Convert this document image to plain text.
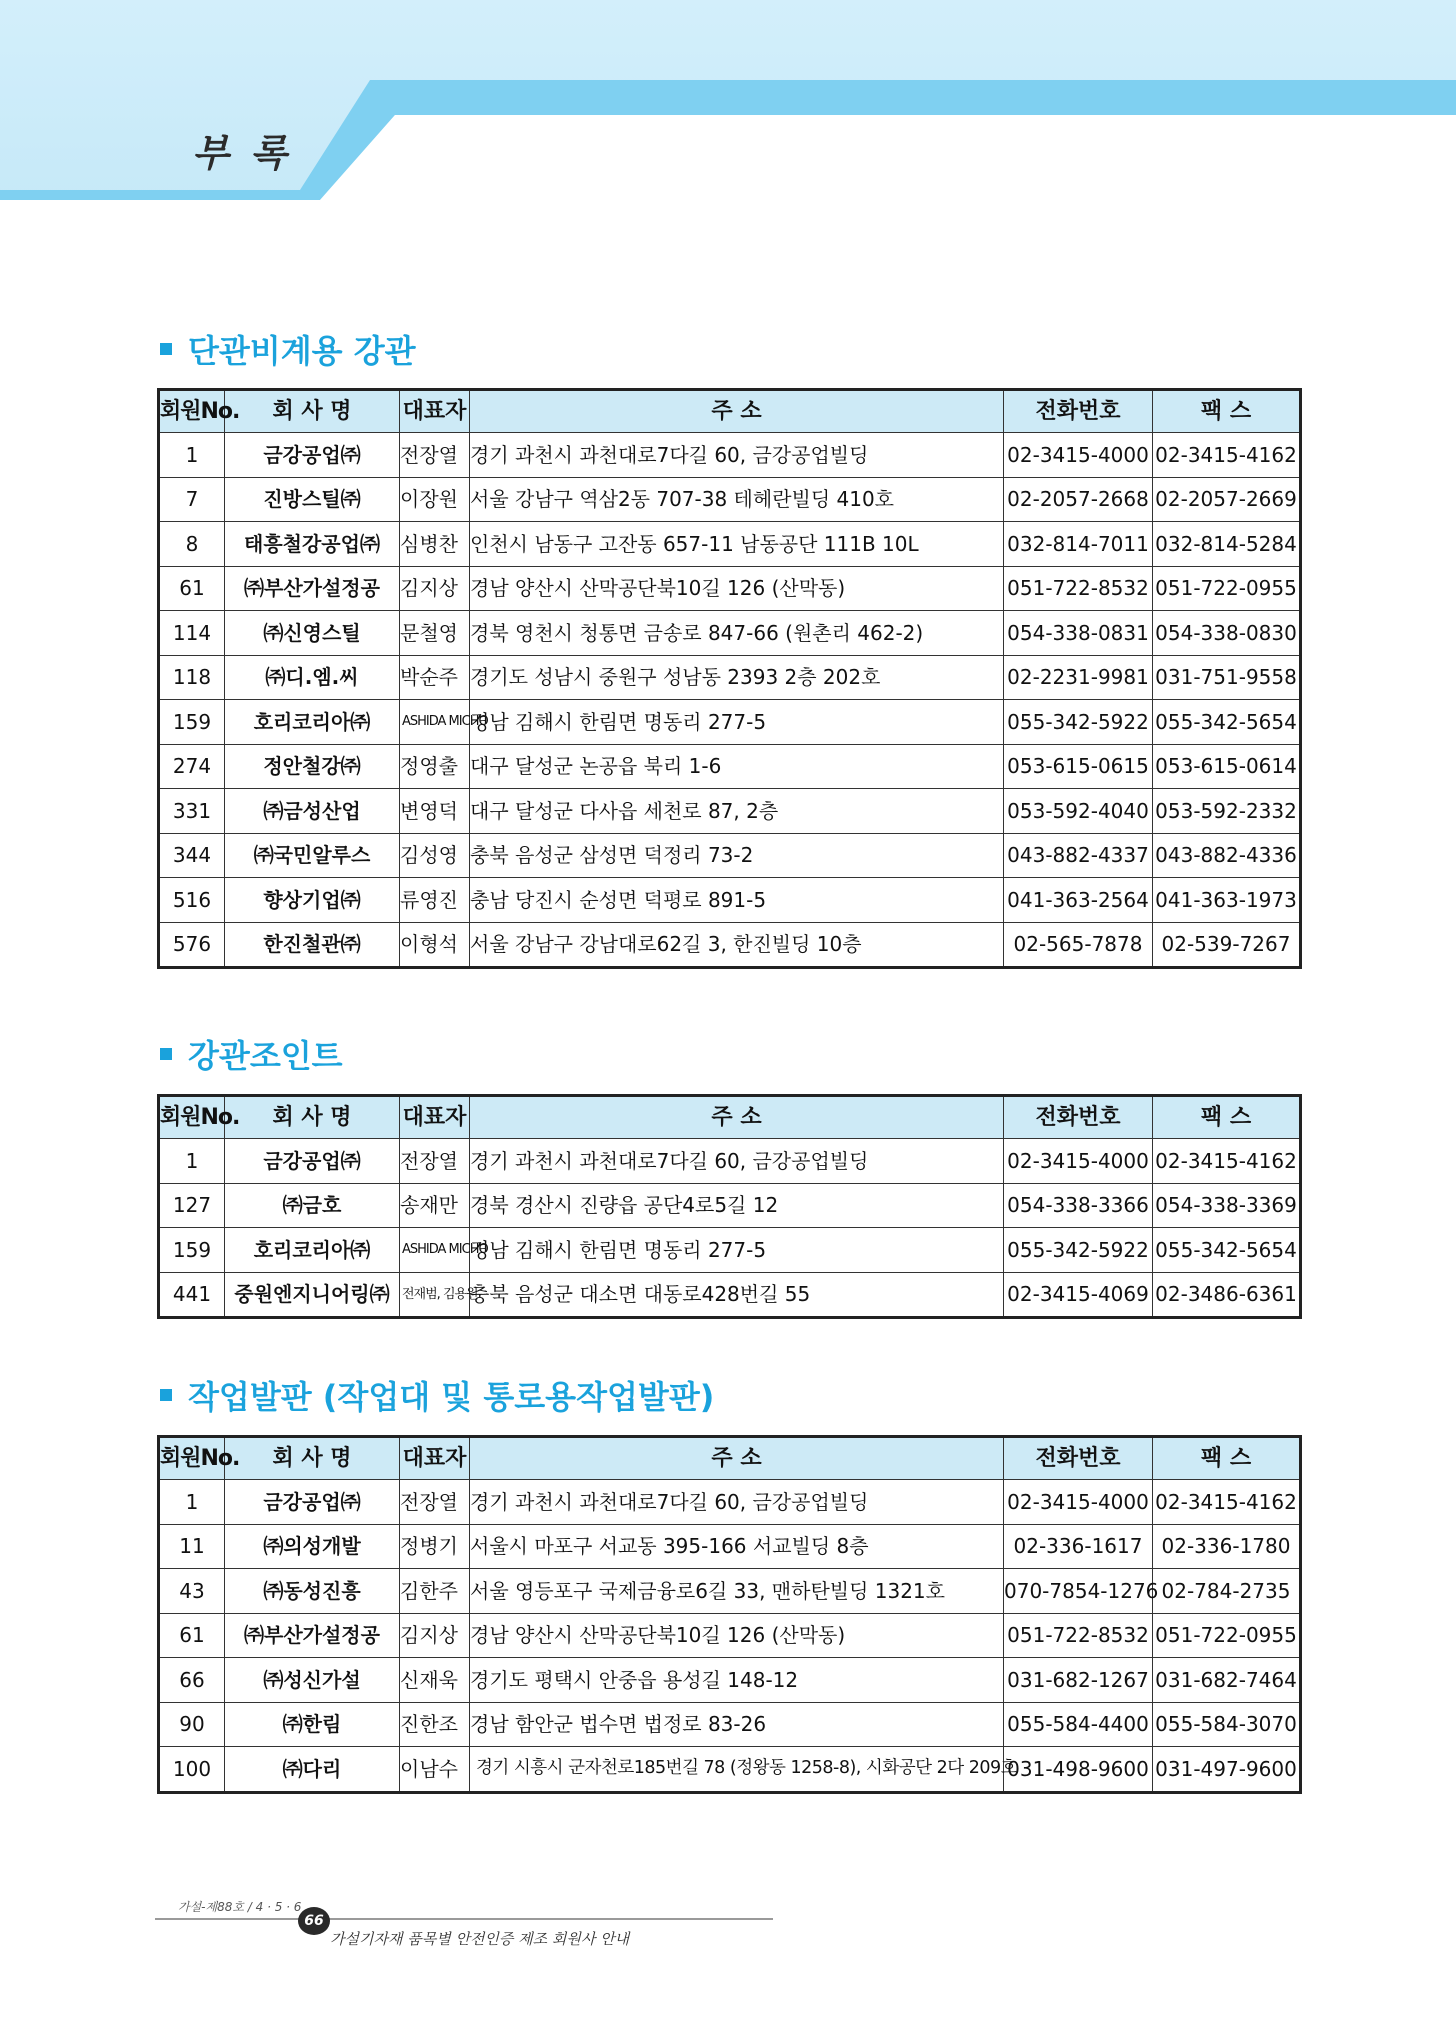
부 록
단관비계용 강관
회원No.	회 사 명	대표자	주 소	전화번호	팩 스
1	금강공업㈜	전장열	경기 과천시 과천대로7다길 60, 금강공업빌딩	02-3415-4000	02-3415-4162
7	진방스틸㈜	이장원	서울 강남구 역삼2동 707-38 테헤란빌딩 410호	02-2057-2668	02-2057-2669
8	태흥철강공업㈜	심병찬	인천시 남동구 고잔동 657-11 남동공단 111B 10L	032-814-7011	032-814-5284
61	㈜부산가설정공	김지상	경남 양산시 산막공단북10길 126 (산막동)	051-722-8532	051-722-0955
114	㈜신영스틸	문철영	경북 영천시 청통면 금송로 847-66 (원촌리 462-2)	054-338-0831	054-338-0830
118	㈜디.엠.씨	박순주	경기도 성남시 중원구 성남동 2393 2층 202호	02-2231-9981	031-751-9558
159	호리코리아㈜	ASHIDA MICHO	경남 김해시 한림면 명동리 277-5	055-342-5922	055-342-5654
274	정안철강㈜	정영출	대구 달성군 논공읍 북리 1-6	053-615-0615	053-615-0614
331	㈜금성산업	변영덕	대구 달성군 다사읍 세천로 87, 2층	053-592-4040	053-592-2332
344	㈜국민알루스	김성영	충북 음성군 삼성면 덕정리 73-2	043-882-4337	043-882-4336
516	향상기업㈜	류영진	충남 당진시 순성면 덕평로 891-5	041-363-2564	041-363-1973
576	한진철관㈜	이형석	서울 강남구 강남대로62길 3, 한진빌딩 10층	02-565-7878	02-539-7267
강관조인트
회원No.	회 사 명	대표자	주 소	전화번호	팩 스
1	금강공업㈜	전장열	경기 과천시 과천대로7다길 60, 금강공업빌딩	02-3415-4000	02-3415-4162
127	㈜금호	송재만	경북 경산시 진량읍 공단4로5길 12	054-338-3366	054-338-3369
159	호리코리아㈜	ASHIDA MICHO	경남 김해시 한림면 명동리 277-5	055-342-5922	055-342-5654
441	중원엔지니어링㈜	전재범, 김용원	충북 음성군 대소면 대동로428번길 55	02-3415-4069	02-3486-6361
작업발판 (작업대 및 통로용작업발판)
회원No.	회 사 명	대표자	주 소	전화번호	팩 스
1	금강공업㈜	전장열	경기 과천시 과천대로7다길 60, 금강공업빌딩	02-3415-4000	02-3415-4162
11	㈜의성개발	정병기	서울시 마포구 서교동 395-166 서교빌딩 8층	02-336-1617	02-336-1780
43	㈜동성진흥	김한주	서울 영등포구 국제금융로6길 33, 맨하탄빌딩 1321호	070-7854-1276	02-784-2735
61	㈜부산가설정공	김지상	경남 양산시 산막공단북10길 126 (산막동)	051-722-8532	051-722-0955
66	㈜성신가설	신재욱	경기도 평택시 안중읍 용성길 148-12	031-682-1267	031-682-7464
90	㈜한림	진한조	경남 함안군 법수면 법정로 83-26	055-584-4400	055-584-3070
100	㈜다리	이남수	경기 시흥시 군자천로185번길 78 (정왕동 1258-8), 시화공단 2다 209호	031-498-9600	031-497-9600
가설-제88호 / 4 · 5 · 6
66
가설기자재 품목별 안전인증 제조 회원사 안내
